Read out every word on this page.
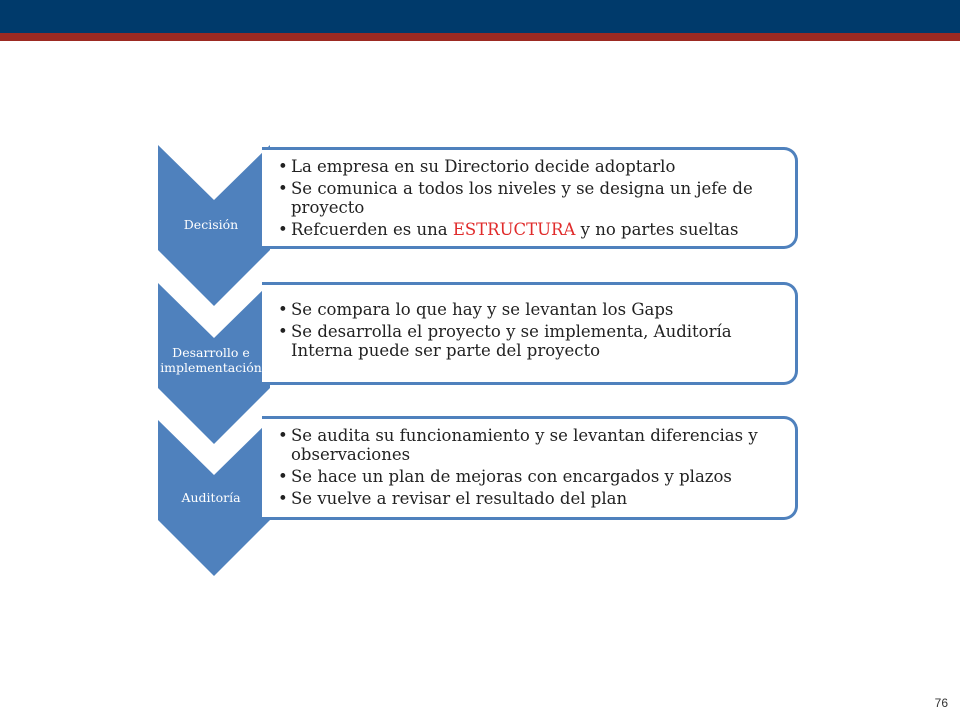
Decisión
Desarrollo e implementación
Auditoría
• La empresa en su Directorio decide adoptarlo
• Se comunica a todos los niveles y se designa un jefe de proyecto
• Refcuerden es una ESTRUCTURA y no partes sueltas
• Se compara lo que hay y se levantan los Gaps
• Se desarrolla el proyecto y se implementa, Auditoría Interna puede ser parte del proyecto
• Se audita su funcionamiento y se levantan diferencias y observaciones
• Se hace un plan de mejoras con encargados y plazos
• Se vuelve a revisar el resultado del plan
76
